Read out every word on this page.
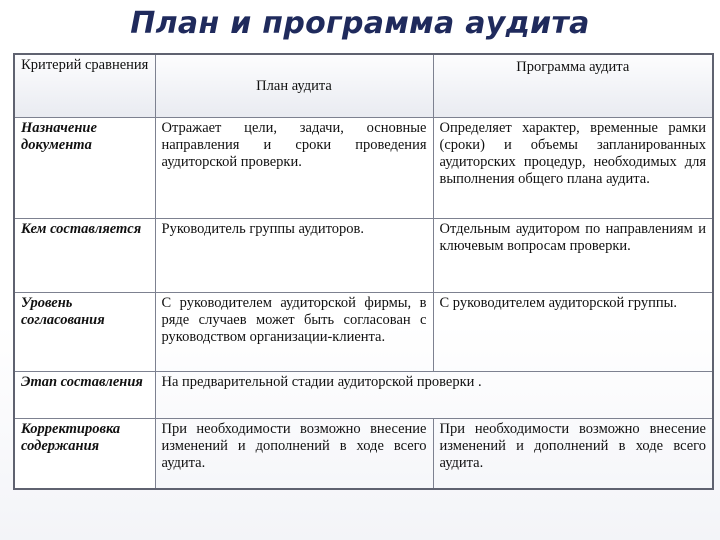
План и программа аудита
Критерий сравнения	План аудита	Программа аудита
Назначение документа	Отражает цели, задачи, основные направления и сроки проведения аудиторской проверки.	Определяет характер, временные рамки (сроки) и объемы запланированных аудиторских процедур, необходимых для выполнения общего плана аудита.
Кем составляется	Руководитель группы аудиторов.	Отдельным аудитором по направлениям и ключевым вопросам проверки.
Уровень согласования	С руководителем аудиторской фирмы, в ряде случаев может быть согласован с руководством организации-клиента.	С руководителем аудиторской группы.
Этап составления	На предварительной стадии аудиторской проверки .	
Корректировка содержания	При необходимости возможно внесение изменений и дополнений в ходе всего аудита.	При необходимости возможно внесение изменений и дополнений в ходе всего аудита.
